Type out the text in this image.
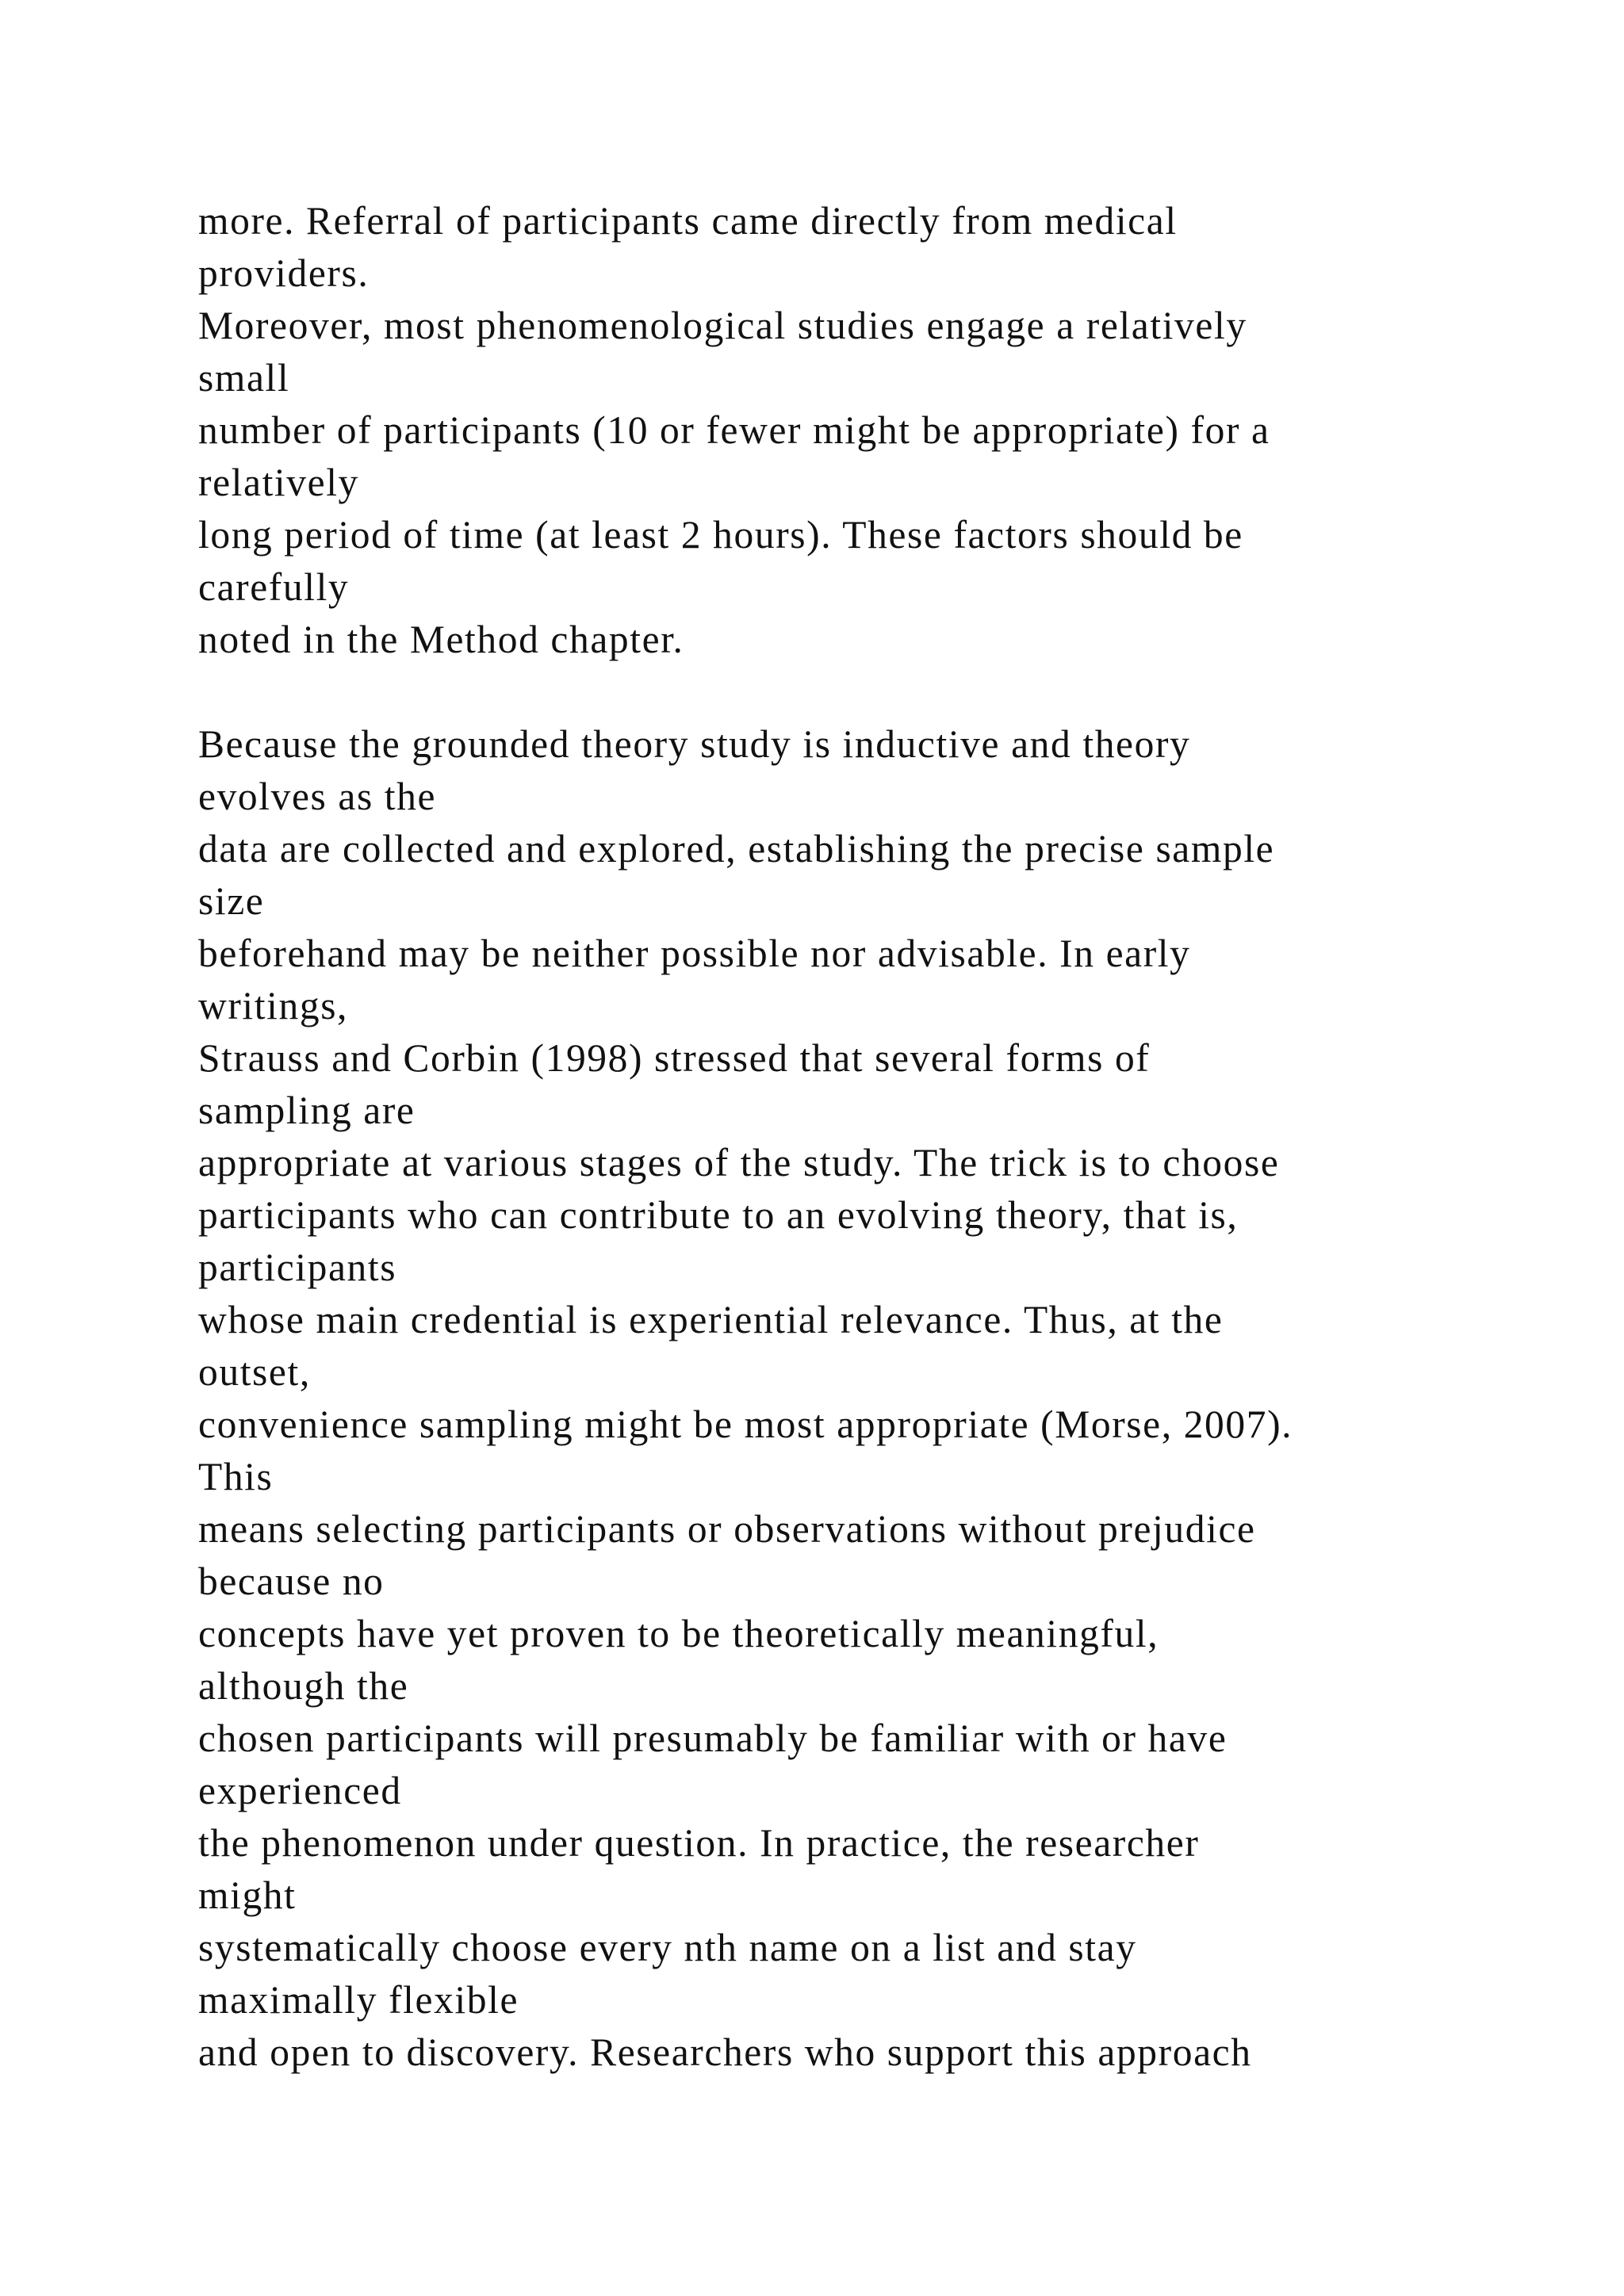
more. Referral of participants came directly from medical
providers.
Moreover, most phenomenological studies engage a relatively
small
number of participants (10 or fewer might be appropriate) for a
relatively
long period of time (at least 2 hours). These factors should be
carefully
noted in the Method chapter.
Because the grounded theory study is inductive and theory
evolves as the
data are collected and explored, establishing the precise sample
size
beforehand may be neither possible nor advisable. In early
writings,
Strauss and Corbin (1998) stressed that several forms of
sampling are
appropriate at various stages of the study. The trick is to choose
participants who can contribute to an evolving theory, that is,
participants
whose main credential is experiential relevance. Thus, at the
outset,
convenience sampling might be most appropriate (Morse, 2007).
This
means selecting participants or observations without prejudice
because no
concepts have yet proven to be theoretically meaningful,
although the
chosen participants will presumably be familiar with or have
experienced
the phenomenon under question. In practice, the researcher
might
systematically choose every nth name on a list and stay
maximally flexible
and open to discovery. Researchers who support this approach
